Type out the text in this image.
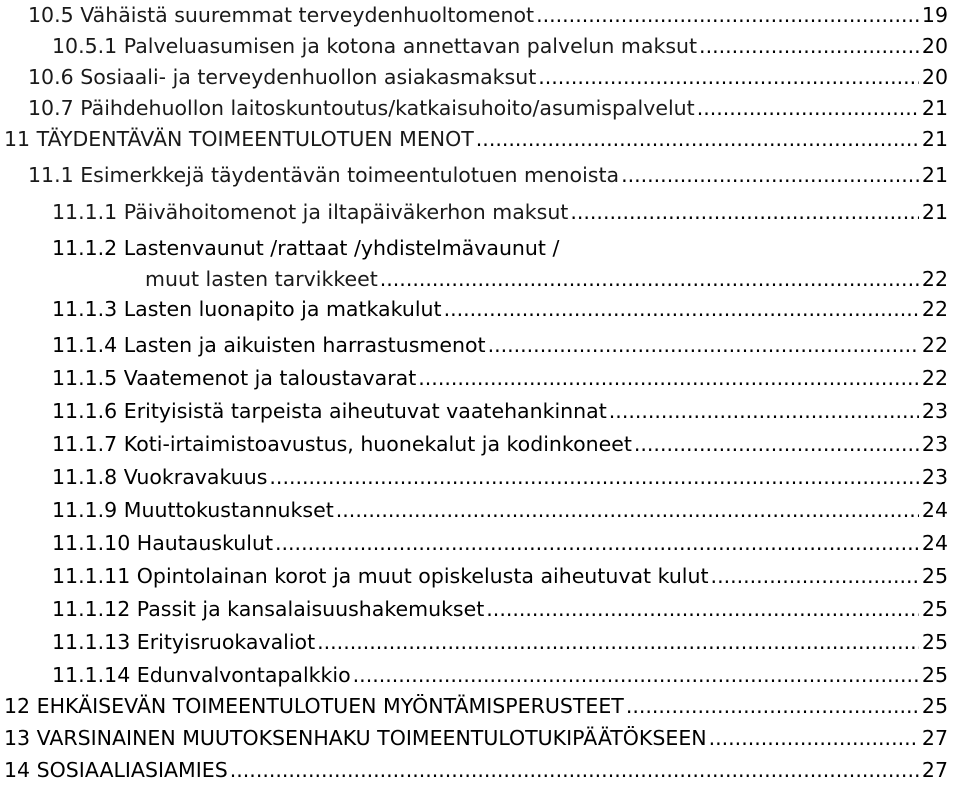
10.5 Vähäistä suuremmat terveydenhuoltomenot .....	19
10.5.1 Palveluasumisen ja kotona annettavan palvelun maksut .....	20
10.6 Sosiaali- ja terveydenhuollon asiakasmaksut .....	20
10.7 Päihdehuollon laitoskuntoutus/katkaisuhoito/asumispalvelut .....	21
11 TÄYDENTÄVÄN TOIMEENTULOTUEN MENOT .....	21
11.1 Esimerkkejä täydentävän toimeentulotuen menoista .....	21
11.1.1 Päivähoitomenot ja iltapäiväkerhon maksut .....	21
11.1.2 Lastenvaunut /rattaat /yhdistelmävaunut /
muut lasten tarvikkeet .....	22
11.1.3 Lasten luonapito ja matkakulut .....	22
11.1.4 Lasten ja aikuisten harrastusmenot .....	22
11.1.5 Vaatemenot ja taloustavarat .....	22
11.1.6 Erityisistä tarpeista aiheutuvat vaatehankinnat .....	23
11.1.7 Koti-irtaimistoavustus, huonekalut ja kodinkoneet .....	23
11.1.8 Vuokravakuus .....	23
11.1.9 Muuttokustannukset .....	24
11.1.10 Hautauskulut .....	24
11.1.11 Opintolainan korot ja muut opiskelusta aiheutuvat kulut .....	25
11.1.12 Passit ja kansalaisuushakemukset .....	25
11.1.13 Erityisruokavaliot .....	25
11.1.14 Edunvalvontapalkkio .....	25
12 EHKÄISEVÄN TOIMEENTULOTUEN MYÖNTÄMISPERUSTEET .....	25
13 VARSINAINEN MUUTOKSENHAKU TOIMEENTULOTUKIPÄÄTÖKSEEN .....	27
14 SOSIAALIASIAMIES .....	27
